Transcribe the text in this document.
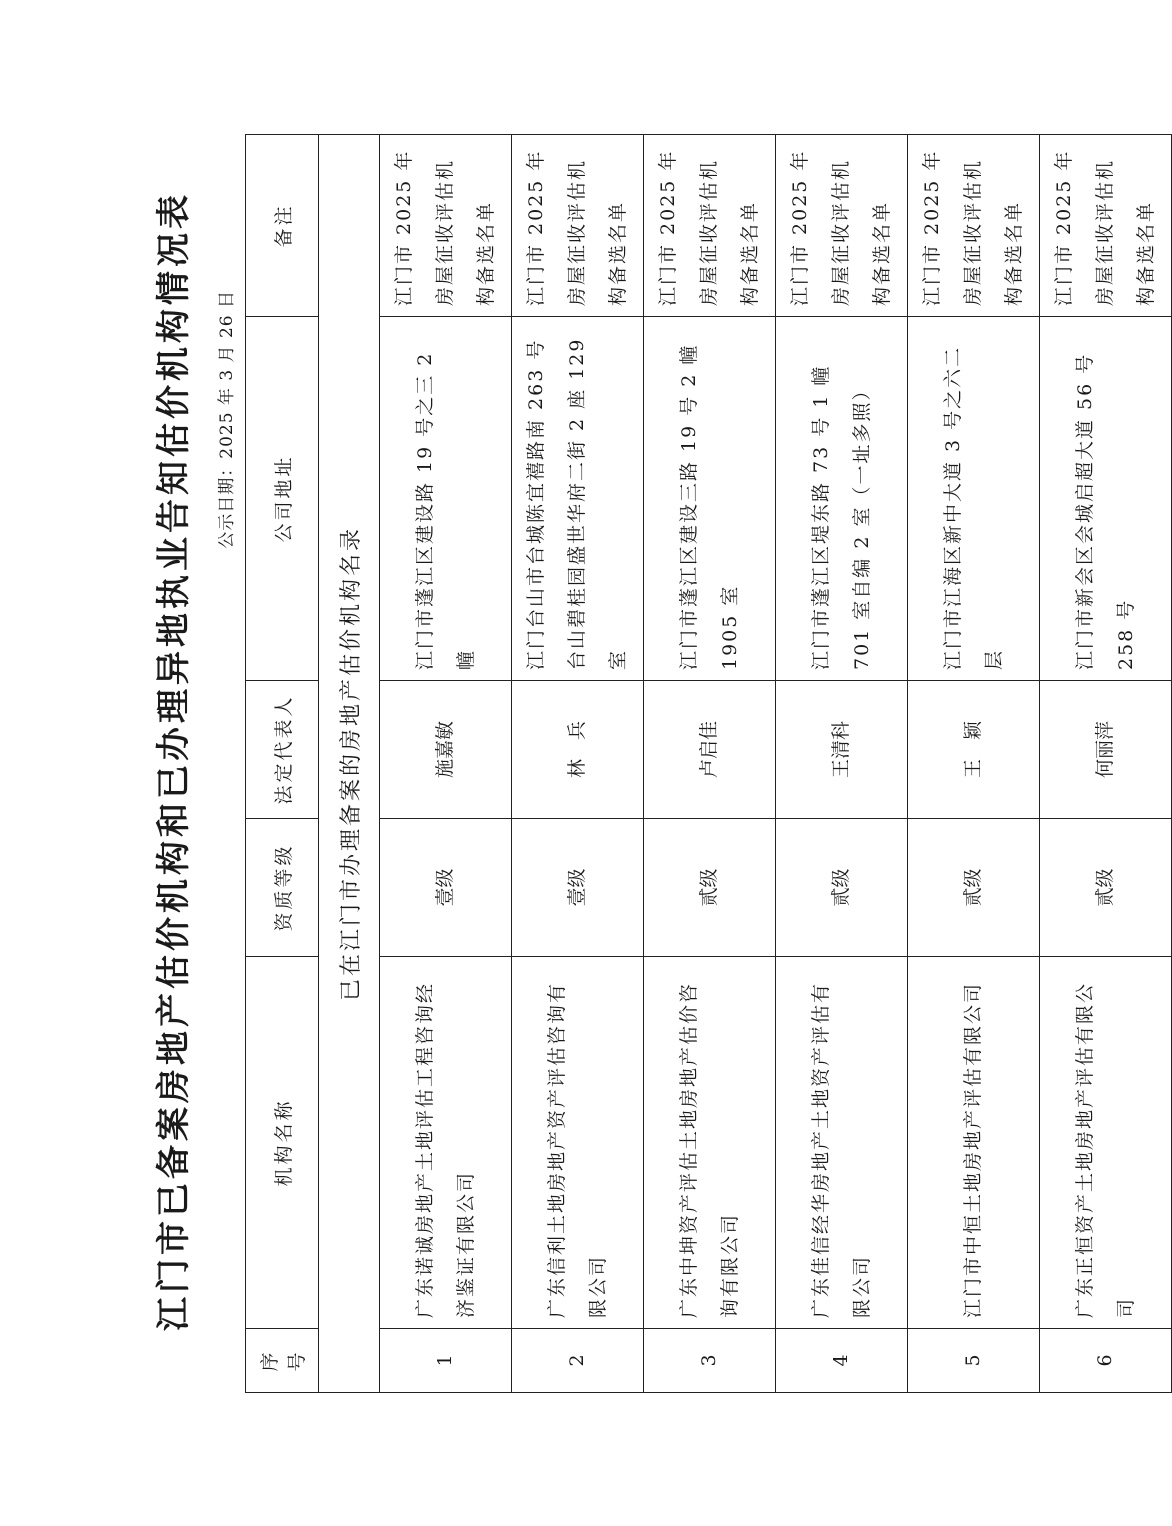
江门市已备案房地产估价机构和已办理异地执业告知估价机构情况表 公示日期：2025 年 3 月 26 日
序号	机构名称	资质等级	法定代表人	公司地址	备注
已在江门市办理备案的房地产估价机构名录					
1	广东诺诚房地产土地评估工程咨询经济鉴证有限公司	壹级	施嘉敏	江门市蓬江区建设路 19 号之三 2 幢	江门市 2025 年房屋征收评估机构备选名单
2	广东信利土地房地产资产评估咨询有限公司	壹级	林　兵	江门台山市台城陈宜禧路南 263 号台山碧桂园盛世华府二街 2 座 129 室	江门市 2025 年房屋征收评估机构备选名单
3	广东中坤资产评估土地房地产估价咨询有限公司	贰级	卢启佳	江门市蓬江区建设三路 19 号 2 幢 1905 室	江门市 2025 年房屋征收评估机构备选名单
4	广东佳信经华房地产土地资产评估有限公司	贰级	王清科	江门市蓬江区堤东路 73 号 1 幢 701 室自编 2 室（一址多照）	江门市 2025 年房屋征收评估机构备选名单
5	江门市中恒土地房地产评估有限公司	贰级	王　颖	江门市江海区新中大道 3 号之六二层	江门市 2025 年房屋征收评估机构备选名单
6	广东正恒资产土地房地产评估有限公司	贰级	何丽萍	江门市新会区会城启超大道 56 号 258 号	江门市 2025 年房屋征收评估机构备选名单
